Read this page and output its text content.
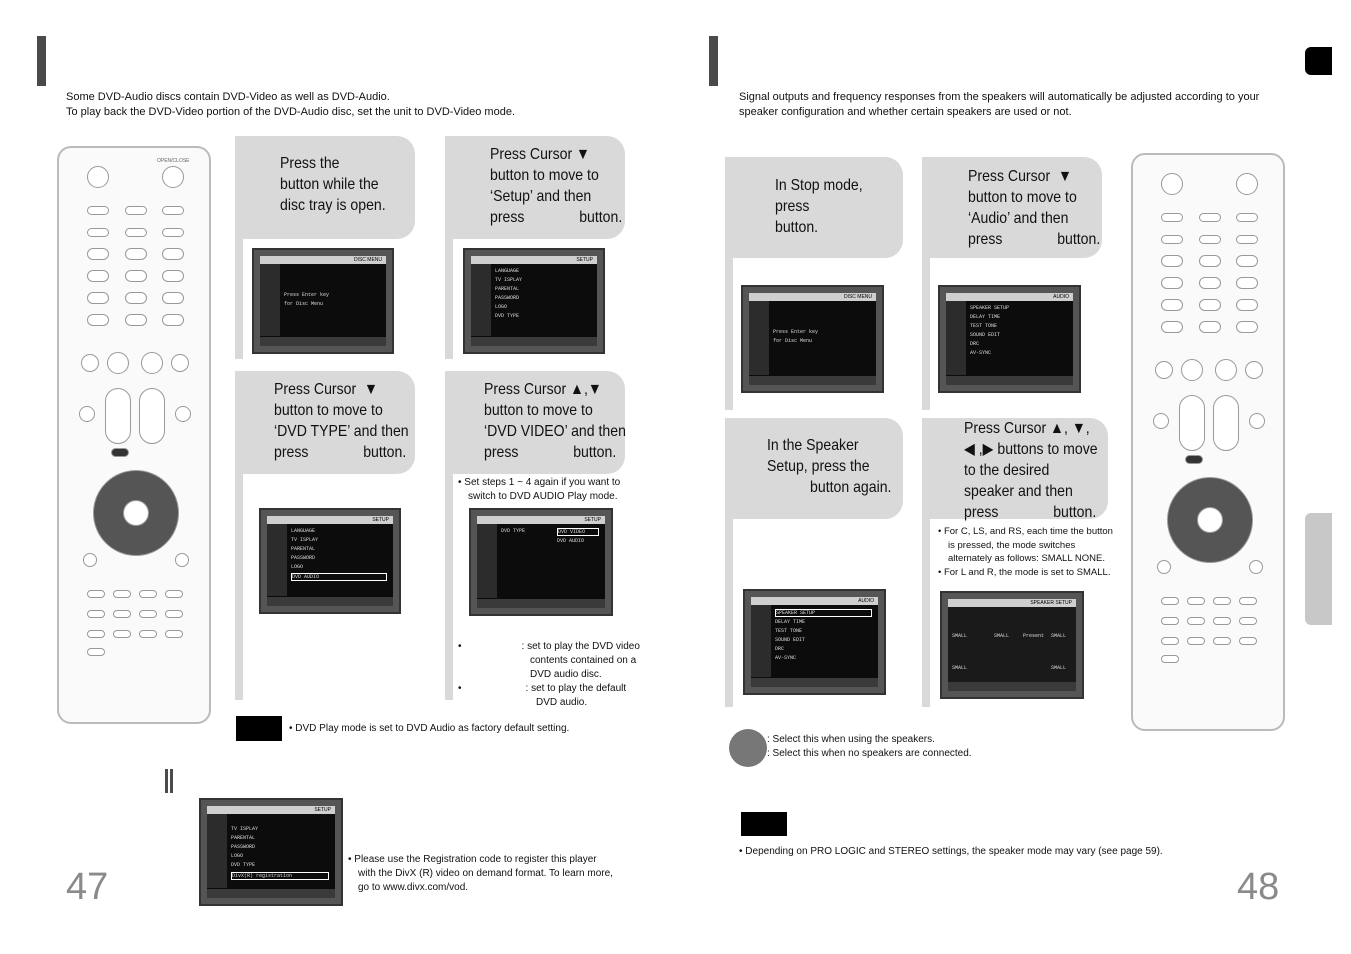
Some DVD-Audio discs contain DVD-Video as well as DVD-Audio.
To play back the DVD-Video portion of the DVD-Audio disc, set the unit to DVD-Video mode.
OPEN/CLOSE	Press the
button while the
disc tray is open.
DISC MENU
Press Enter key
for Disc Menu
Press Cursor ▼
button to move to
‘Setup’ and then
press              button.
SETUP
LANGUAGE
TV ISPLAY
PARENTAL
PASSWORD
LOGO
DVD TYPE
Press Cursor  ▼
button to move to
‘DVD TYPE’ and then
press              button.
SETUP
LANGUAGE
TV ISPLAY
PARENTAL
PASSWORD
LOGO
DVD AUDIO
Press Cursor ▲,▼
button to move to
‘DVD VIDEO’ and then
press              button.
• Set steps 1 ~ 4 again if you want to
switch to DVD AUDIO Play mode.
SETUP
DVD TYPE	DVD VIDEO
DVD AUDIO
•	: set to play the DVD video
contents contained on a
DVD audio disc.
•	: set to play the default
DVD audio.
• DVD Play mode is set to DVD Audio as factory default setting.
SETUP
TV ISPLAY
PARENTAL
PASSWORD
LOGO
DVD TYPE
DivX(R) registration
• Please use the Registration code to register this player
with the DivX (R) video on demand format. To learn more,
go to www.divx.com/vod.
47
Signal outputs and frequency responses from the speakers will automatically be adjusted according to your
speaker configuration and whether certain speakers are used or not.
In Stop mode,
press
button.
DISC MENU
Press Enter key
for Disc Menu
Press Cursor  ▼
button to move to
‘Audio’ and then
press              button.
AUDIO
SPEAKER SETUP
DELAY TIME
TEST TONE
SOUND EDIT
DRC
AV-SYNC
In the Speaker
Setup, press the
button again.
AUDIO
SPEAKER SETUP
DELAY TIME
TEST TONE
SOUND EDIT
DRC
AV-SYNC
Press Cursor ▲, ▼,
◀ ,▶ buttons to move
to the desired
speaker and then
press              button.
• For C, LS, and RS, each time the button
is pressed, the mode switches
alternately as follows: SMALL NONE.
• For L and R, the mode is set to SMALL.
SPEAKER SETUP
SMALL	SMALL	Present	SMALL
SMALL	SMALL
: Select this when using the speakers.
: Select this when no speakers are connected.
• Depending on PRO LOGIC and STEREO settings, the speaker mode may vary (see page 59).
48
